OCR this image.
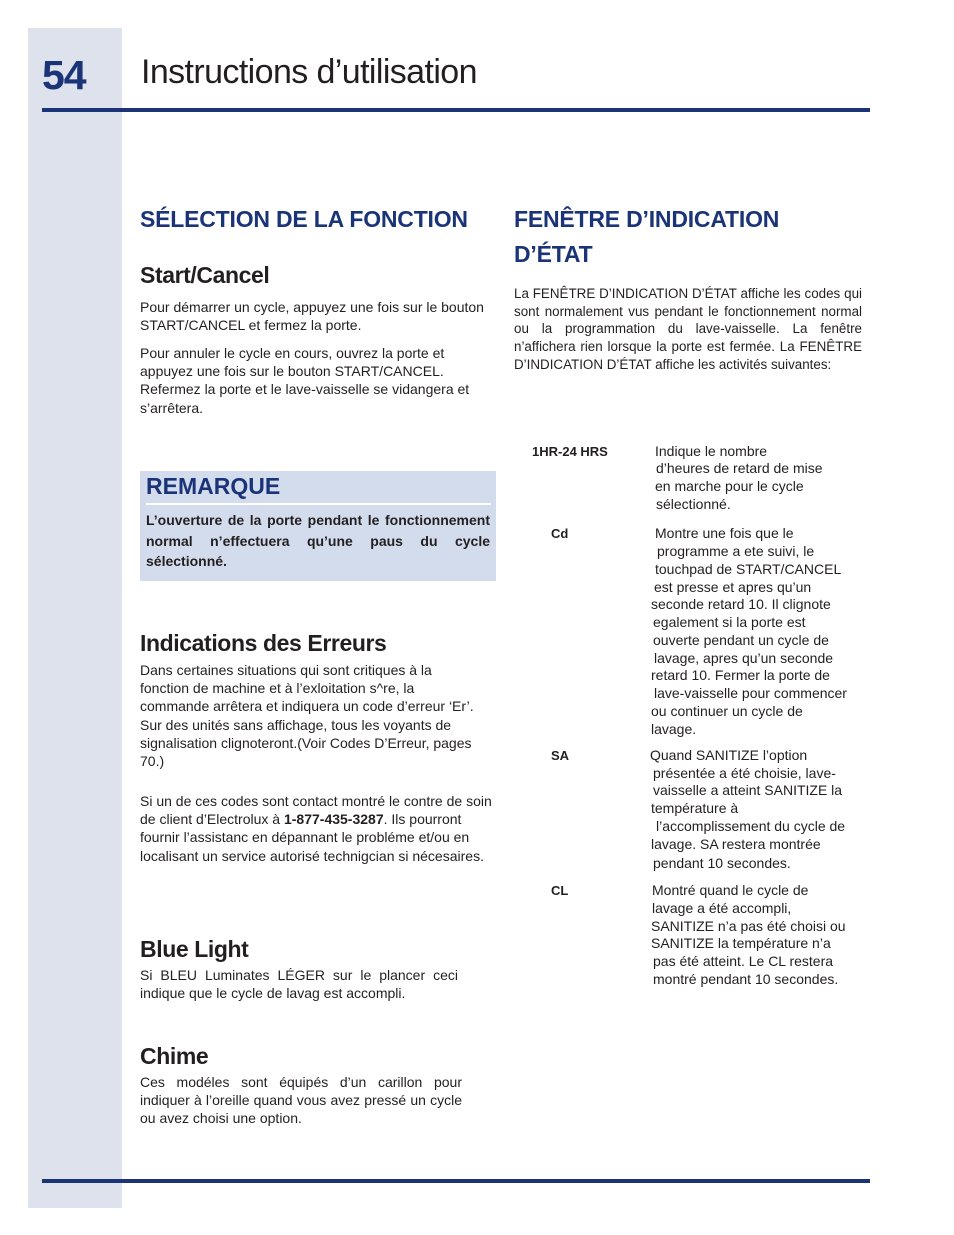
54 Instructions d’utilisation
SÉLECTION DE LA FONCTION
Start/Cancel
Pour démarrer un cycle, appuyez une fois sur le bouton START/CANCEL et fermez la porte.
Pour annuler le cycle en cours, ouvrez la porte et appuyez une fois sur le bouton START/CANCEL. Refermez la porte et le lave-vaisselle se vidangera et s’arrêtera.
REMARQUE
L’ouverture de la porte pendant le fonctionnement normal n’effectuera qu’une paus du cycle sélectionné.
Indications des Erreurs
Dans certaines situations qui sont critiques à la fonction de machine et à l’exloitation s^re, la commande arrêtera et indiquera un code d’erreur ‘Er’. Sur des unités sans affichage, tous les voyants de signalisation clignoteront.(Voir Codes D’Erreur, pages 70.)
Si un de ces codes sont contact montré le contre de soin de client d’Electrolux à 1-877-435-3287. Ils pourront fournir l’assistanc en dépannant le probléme et/ou en localisant un service autorisé technigcian si nécesaires.
Blue Light
Si BLEU Luminates LÉGER sur le plancer ceci indique que le cycle de lavag est accompli.
Chime
Ces modéles sont équipés d’un carillon pour indiquer à l’oreille quand vous avez pressé un cycle ou avez choisi une option.
FENÊTRE D’INDICATION
D’ÉTAT
La FENÊTRE D’INDICATION D’ÉTAT affiche les codes qui sont normalement vus pendant le fonctionnement normal ou la programmation du lave-vaisselle. La fenêtre n’affichera rien lorsque la porte est fermée. La FENÊTRE D’INDICATION D’ÉTAT affiche les activités suivantes:
1HR-24 HRS	Indique le nombre
d’heures de retard de mise
en marche pour le cycle
sélectionné.
Cd	Montre une fois que le
programme a ete suivi, le
touchpad de START/CANCEL
est presse et apres qu’un
seconde retard 10. Il clignote
egalement si la porte est
ouverte pendant un cycle de
lavage, apres qu’un seconde
retard 10. Fermer la porte de
lave-vaisselle pour commencer
ou continuer un cycle de
lavage.
SA	Quand SANITIZE l’option
présentée a été choisie, lave-
vaisselle a atteint SANITIZE la
température à
l’accomplissement du cycle de
lavage. SA restera montrée
pendant 10 secondes.
CL	Montré quand le cycle de
lavage a été accompli,
SANITIZE n’a pas été choisi ou
SANITIZE la température n’a
pas été atteint. Le CL restera
montré pendant 10 secondes.
